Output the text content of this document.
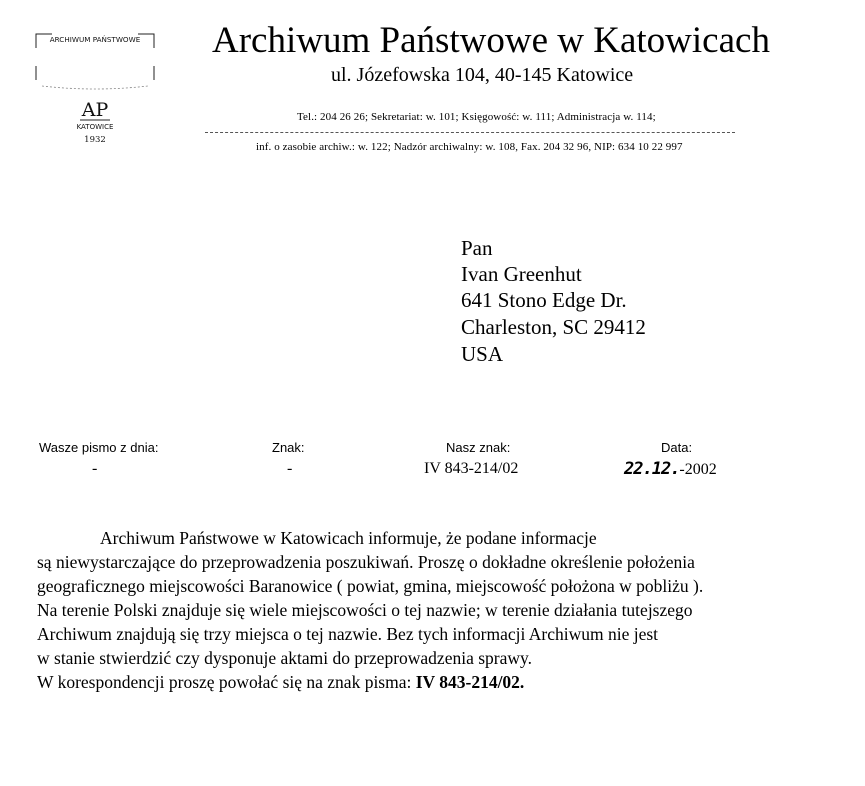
ARCHIWUM PAŃSTWOWE
AP
KATOWICE
1932
Archiwum Państwowe w Katowicach
ul. Józefowska 104, 40-145 Katowice
Tel.: 204 26 26; Sekretariat: w. 101; Księgowość: w. 111; Administracja w. 114;
inf. o zasobie archiw.: w. 122; Nadzór archiwalny: w. 108, Fax. 204 32 96, NIP: 634 10 22 997
Pan
Ivan Greenhut
641 Stono Edge Dr.
Charleston, SC 29412
USA
Wasze pismo z dnia:	Znak:	Nasz znak:	Data:
-	-	IV 843-214/02	22.12.-2002
Archiwum Państwowe w Katowicach informuje, że podane informacje
są niewystarczające do przeprowadzenia poszukiwań. Proszę o dokładne określenie położenia
geograficznego miejscowości Baranowice ( powiat, gmina, miejscowość położona w pobliżu ).
Na terenie Polski znajduje się wiele miejscowości o tej nazwie; w terenie działania tutejszego
Archiwum znajdują się trzy miejsca o tej nazwie. Bez tych informacji Archiwum nie jest
w stanie stwierdzić czy dysponuje aktami do przeprowadzenia sprawy.
W korespondencji proszę powołać się na znak pisma: IV 843-214/02.
